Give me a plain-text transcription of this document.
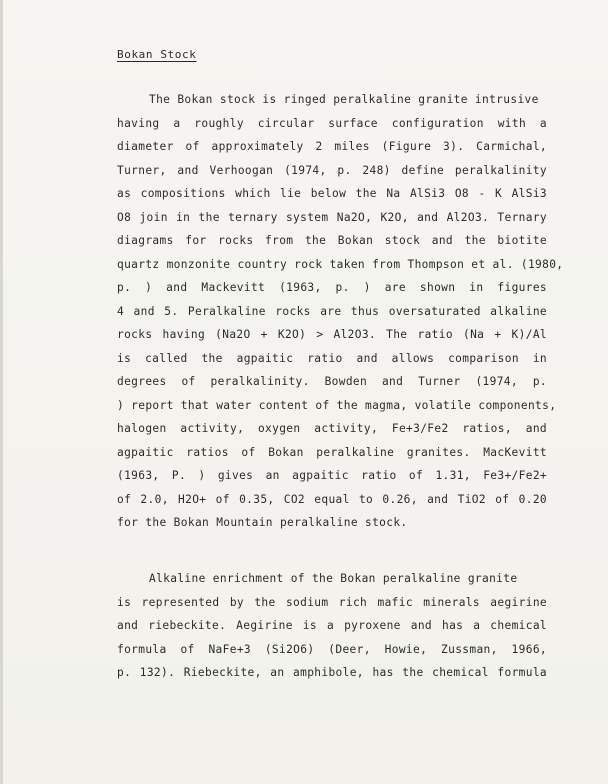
Bokan Stock
The Bokan stock is ringed peralkaline granite intrusive
having a roughly circular surface configuration with a
diameter of approximately 2 miles (Figure 3). Carmichal,
Turner, and Verhoogan (1974, p. 248) define peralkalinity
as compositions which lie below the Na AlSi3 O8 - K AlSi3
O8 join in the ternary system Na2O, K2O, and Al2O3. Ternary
diagrams for rocks from the Bokan stock and the biotite
quartz monzonite country rock taken from Thompson et al. (1980,
p. ) and Mackevitt (1963, p. ) are shown in figures
4 and 5. Peralkaline rocks are thus oversaturated alkaline
rocks having (Na2O + K2O) > Al2O3. The ratio (Na + K)/Al
is called the agpaitic ratio and allows comparison in
degrees of peralkalinity. Bowden and Turner (1974, p.
) report that water content of the magma, volatile components,
halogen activity, oxygen activity, Fe+3/Fe2 ratios, and
agpaitic ratios of Bokan peralkaline granites. MacKevitt
(1963, P. ) gives an agpaitic ratio of 1.31, Fe3+/Fe2+
of 2.0, H2O+ of 0.35, CO2 equal to 0.26, and TiO2 of 0.20
for the Bokan Mountain peralkaline stock.
Alkaline enrichment of the Bokan peralkaline granite
is represented by the sodium rich mafic minerals aegirine
and riebeckite. Aegirine is a pyroxene and has a chemical
formula of NaFe+3 (Si2O6) (Deer, Howie, Zussman, 1966,
p. 132). Riebeckite, an amphibole, has the chemical formula
